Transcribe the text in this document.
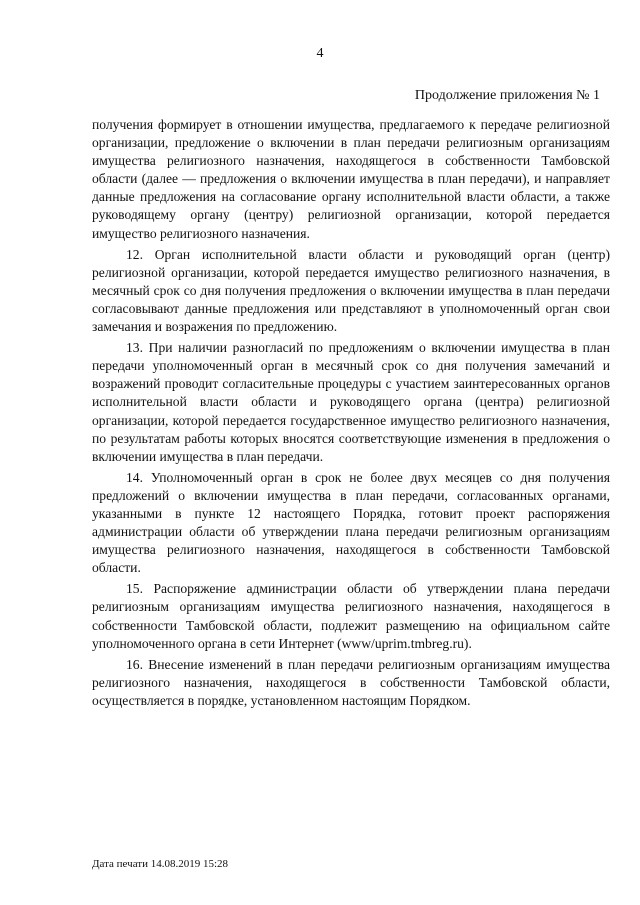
4
Продолжение приложения № 1

получения формирует в отношении имущества, предлагаемого к передаче религиозной организации, предложение о включении в план передачи религиозным организациям имущества религиозного назначения, находящегося в собственности Тамбовской области (далее — предложения о включении имущества в план передачи), и направляет данные предложения на согласование органу исполнительной власти области, а также руководящему органу (центру) религиозной организации, которой передается имущество религиозного назначения.

12. Орган исполнительной власти области и руководящий орган (центр) религиозной организации, которой передается имущество религиозного назначения, в месячный срок со дня получения предложения о включении имущества в план передачи согласовывают данные предложения или представляют в уполномоченный орган свои замечания и возражения по предложению.

13. При наличии разногласий по предложениям о включении имущества в план передачи уполномоченный орган в месячный срок со дня получения замечаний и возражений проводит согласительные процедуры с участием заинтересованных органов исполнительной власти области и руководящего органа (центра) религиозной организации, которой передается государственное имущество религиозного назначения, по результатам работы которых вносятся соответствующие изменения в предложения о включении имущества в план передачи.

14. Уполномоченный орган в срок не более двух месяцев со дня получения предложений о включении имущества в план передачи, согласованных органами, указанными в пункте 12 настоящего Порядка, готовит проект распоряжения администрации области об утверждении плана передачи религиозным организациям имущества религиозного назначения, находящегося в собственности Тамбовской области.

15. Распоряжение администрации области об утверждении плана передачи религиозным организациям имущества религиозного назначения, находящегося в собственности Тамбовской области, подлежит размещению на официальном сайте уполномоченного органа в сети Интернет (www/uprim.tmbreg.ru).

16. Внесение изменений в план передачи религиозным организациям имущества религиозного назначения, находящегося в собственности Тамбовской области, осуществляется в порядке, установленном настоящим Порядком.

Дата печати 14.08.2019 15:28
